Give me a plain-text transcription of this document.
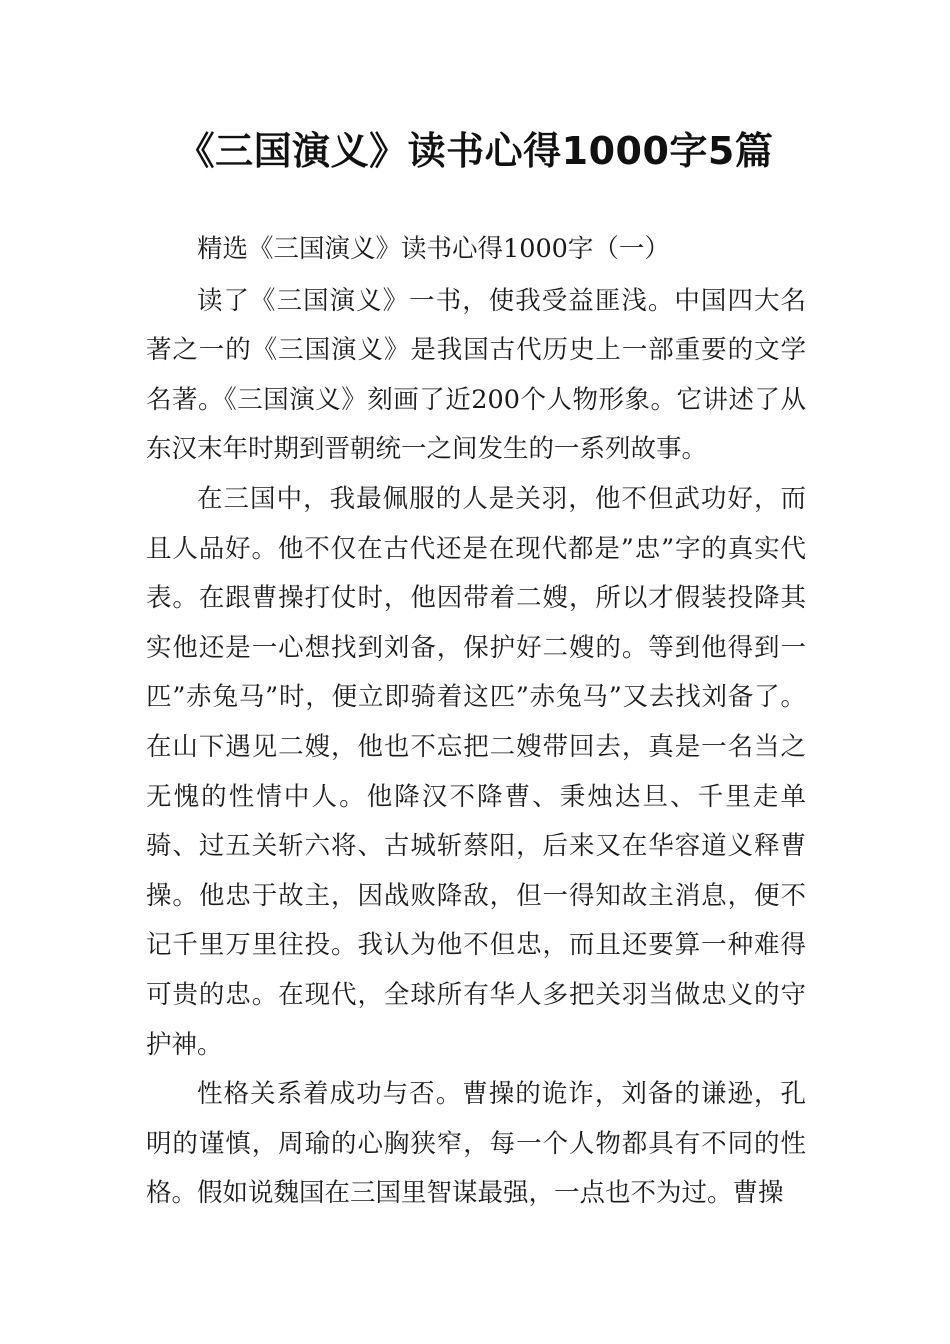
《三国演义》读书心得1000字5篇

精选《三国演义》读书心得1000字（一）

读了《三国演义》一书，使我受益匪浅。中国四大名著之一的《三国演义》是我国古代历史上一部重要的文学名著。《三国演义》刻画了近200个人物形象。它讲述了从东汉末年时期到晋朝统一之间发生的一系列故事。

在三国中，我最佩服的人是关羽，他不但武功好，而且人品好。他不仅在古代还是在现代都是”忠”字的真实代表。在跟曹操打仗时，他因带着二嫂，所以才假装投降其实他还是一心想找到刘备，保护好二嫂的。等到他得到一匹”赤兔马”时，便立即骑着这匹”赤兔马”又去找刘备了。在山下遇见二嫂，他也不忘把二嫂带回去，真是一名当之无愧的性情中人。他降汉不降曹、秉烛达旦、千里走单骑、过五关斩六将、古城斩蔡阳，后来又在华容道义释曹操。他忠于故主，因战败降敌，但一得知故主消息，便不记千里万里往投。我认为他不但忠，而且还要算一种难得可贵的忠。在现代，全球所有华人多把关羽当做忠义的守护神。

性格关系着成功与否。曹操的诡诈，刘备的谦逊，孔明的谨慎，周瑜的心胸狭窄，每一个人物都具有不同的性格。假如说魏国在三国里智谋最强，一点也不为过。曹操
